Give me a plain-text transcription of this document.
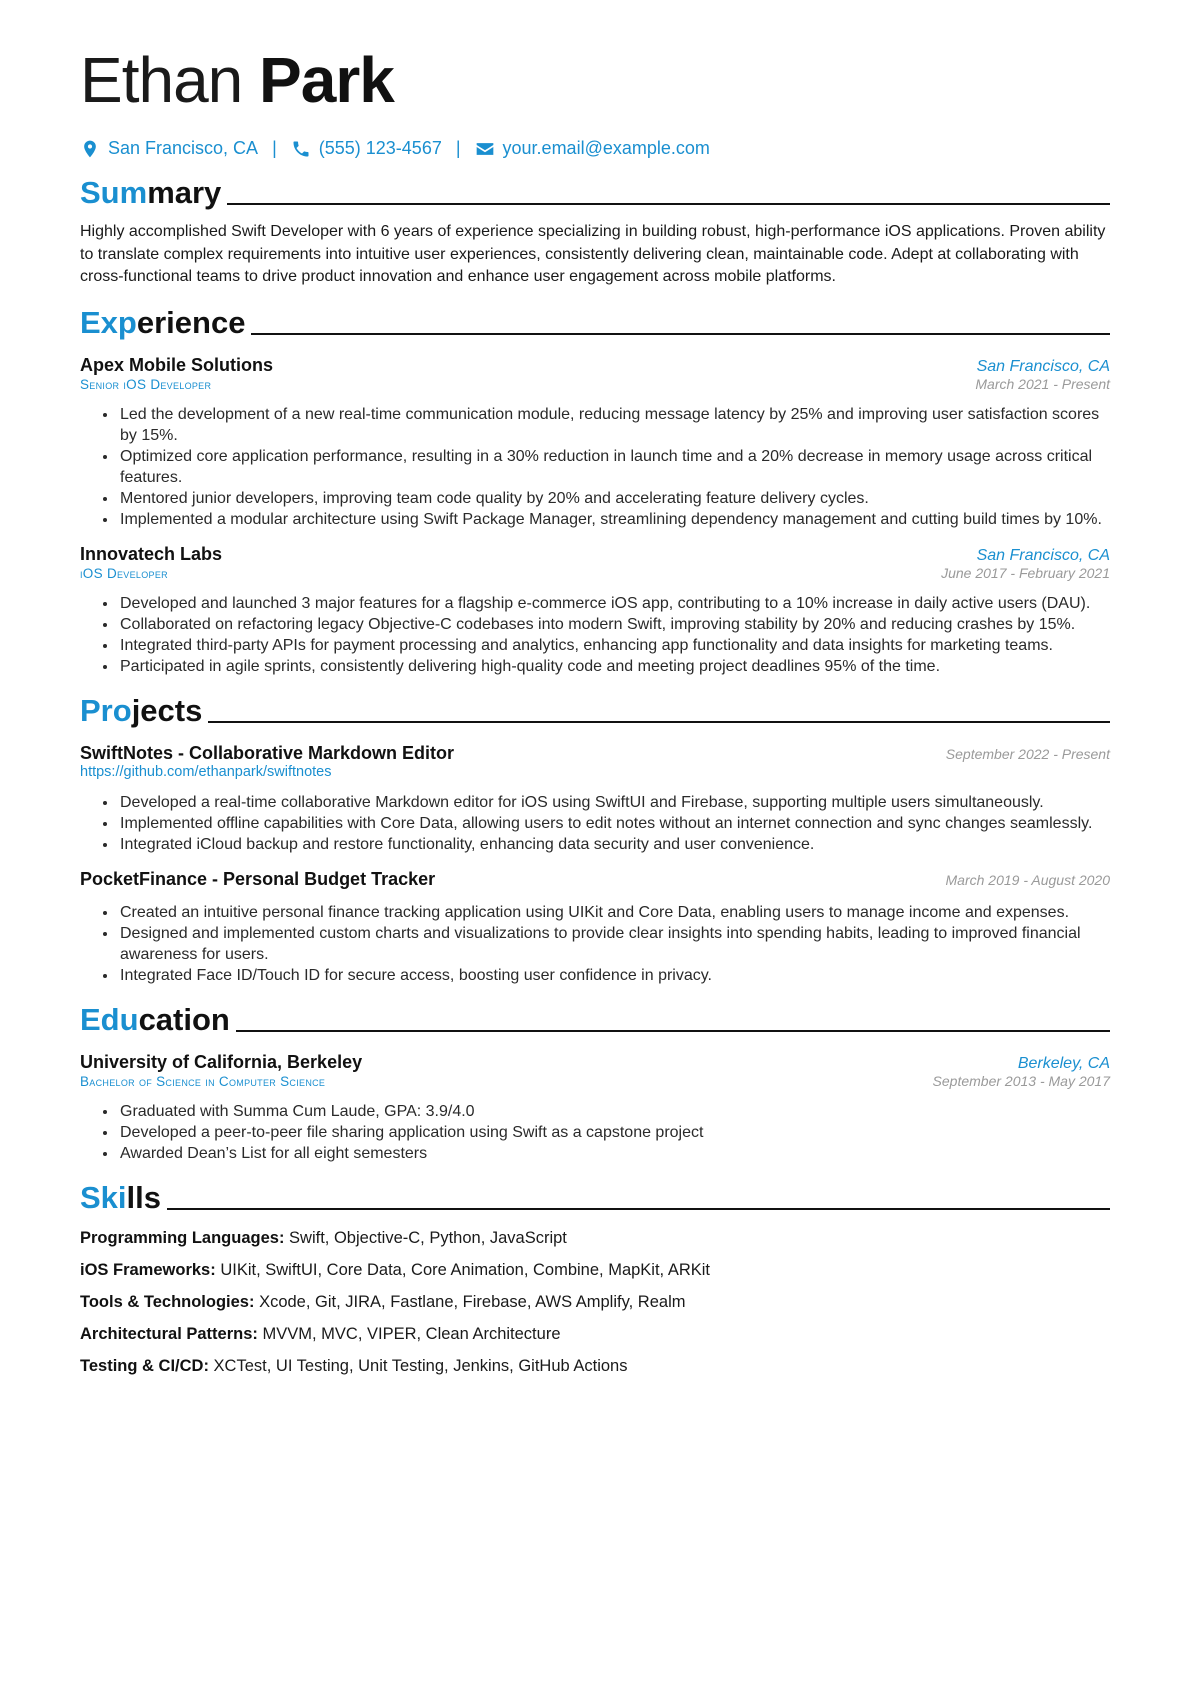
Ethan Park
San Francisco, CA | (555) 123-4567 | your.email@example.com
Summary

Highly accomplished Swift Developer with 6 years of experience specializing in building robust, high-performance iOS applications. Proven ability to translate complex requirements into intuitive user experiences, consistently delivering clean, maintainable code. Adept at collaborating with cross-functional teams to drive product innovation and enhance user engagement across mobile platforms.

Experience
Apex Mobile Solutions	San Francisco, CA
Senior iOS Developer	March 2021 - Present
• Led the development of a new real-time communication module, reducing message latency by 25% and improving user satisfaction scores by 15%.
• Optimized core application performance, resulting in a 30% reduction in launch time and a 20% decrease in memory usage across critical features.
• Mentored junior developers, improving team code quality by 20% and accelerating feature delivery cycles.
• Implemented a modular architecture using Swift Package Manager, streamlining dependency management and cutting build times by 10%.
Innovatech Labs	San Francisco, CA
iOS Developer	June 2017 - February 2021
• Developed and launched 3 major features for a flagship e-commerce iOS app, contributing to a 10% increase in daily active users (DAU).
• Collaborated on refactoring legacy Objective-C codebases into modern Swift, improving stability by 20% and reducing crashes by 15%.
• Integrated third-party APIs for payment processing and analytics, enhancing app functionality and data insights for marketing teams.
• Participated in agile sprints, consistently delivering high-quality code and meeting project deadlines 95% of the time.
Projects
SwiftNotes - Collaborative Markdown Editor	September 2022 - Present
https://github.com/ethanpark/swiftnotes
• Developed a real-time collaborative Markdown editor for iOS using SwiftUI and Firebase, supporting multiple users simultaneously.
• Implemented offline capabilities with Core Data, allowing users to edit notes without an internet connection and sync changes seamlessly.
• Integrated iCloud backup and restore functionality, enhancing data security and user convenience.
PocketFinance - Personal Budget Tracker	March 2019 - August 2020
• Created an intuitive personal finance tracking application using UIKit and Core Data, enabling users to manage income and expenses.
• Designed and implemented custom charts and visualizations to provide clear insights into spending habits, leading to improved financial awareness for users.
• Integrated Face ID/Touch ID for secure access, boosting user confidence in privacy.
Education
University of California, Berkeley	Berkeley, CA
Bachelor of Science in Computer Science	September 2013 - May 2017
• Graduated with Summa Cum Laude, GPA: 3.9/4.0
• Developed a peer-to-peer file sharing application using Swift as a capstone project
• Awarded Dean’s List for all eight semesters
Skills

Programming Languages: Swift, Objective-C, Python, JavaScript

iOS Frameworks: UIKit, SwiftUI, Core Data, Core Animation, Combine, MapKit, ARKit

Tools & Technologies: Xcode, Git, JIRA, Fastlane, Firebase, AWS Amplify, Realm

Architectural Patterns: MVVM, MVC, VIPER, Clean Architecture

Testing & CI/CD: XCTest, UI Testing, Unit Testing, Jenkins, GitHub Actions
